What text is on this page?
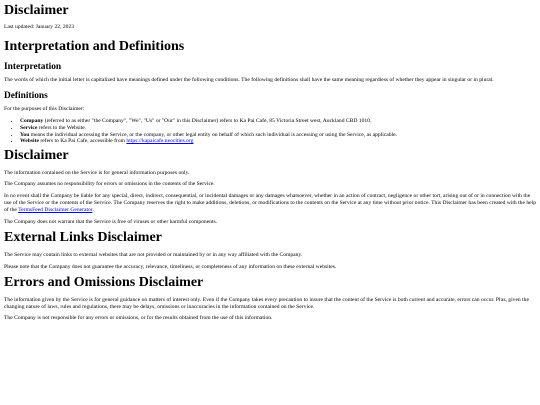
Disclaimer

Last updated: January 22, 2023

Interpretation and Definitions
Interpretation

The words of which the initial letter is capitalized have meanings defined under the following conditions. The following definitions shall have the same meaning regardless of whether they appear in singular or in plural.

Definitions

For the purposes of this Disclaimer:

• Company (referred to as either "the Company", "We", "Us" or "Our" in this Disclaimer) refers to Ka Pai Cafe, 85 Victoria Street west, Auckland CBD 1010.
• Service refers to the Website.
• You means the individual accessing the Service, or the company, or other legal entity on behalf of which such individual is accessing or using the Service, as applicable.
• Website refers to Ka Pai Cafe, accessible from https://kapaicafe.neocities.org
Disclaimer

The information contained on the Service is for general information purposes only.

The Company assumes no responsibility for errors or omissions in the contents of the Service.

In no event shall the Company be liable for any special, direct, indirect, consequential, or incidental damages or any damages whatsoever, whether in an action of contract, negligence or other tort, arising out of or in connection with the use of the Service or the contents of the Service. The Company reserves the right to make additions, deletions, or modifications to the contents on the Service at any time without prior notice. This Disclaimer has been created with the help of the TermsFeed Disclaimer Generator.

The Company does not warrant that the Service is free of viruses or other harmful components.

External Links Disclaimer

The Service may contain links to external websites that are not provided or maintained by or in any way affiliated with the Company.

Please note that the Company does not guarantee the accuracy, relevance, timeliness, or completeness of any information on these external websites.

Errors and Omissions Disclaimer

The information given by the Service is for general guidance on matters of interest only. Even if the Company takes every precaution to insure that the content of the Service is both current and accurate, errors can occur. Plus, given the changing nature of laws, rules and regulations, there may be delays, omissions or inaccuracies in the information contained on the Service.

The Company is not responsible for any errors or omissions, or for the results obtained from the use of this information.
